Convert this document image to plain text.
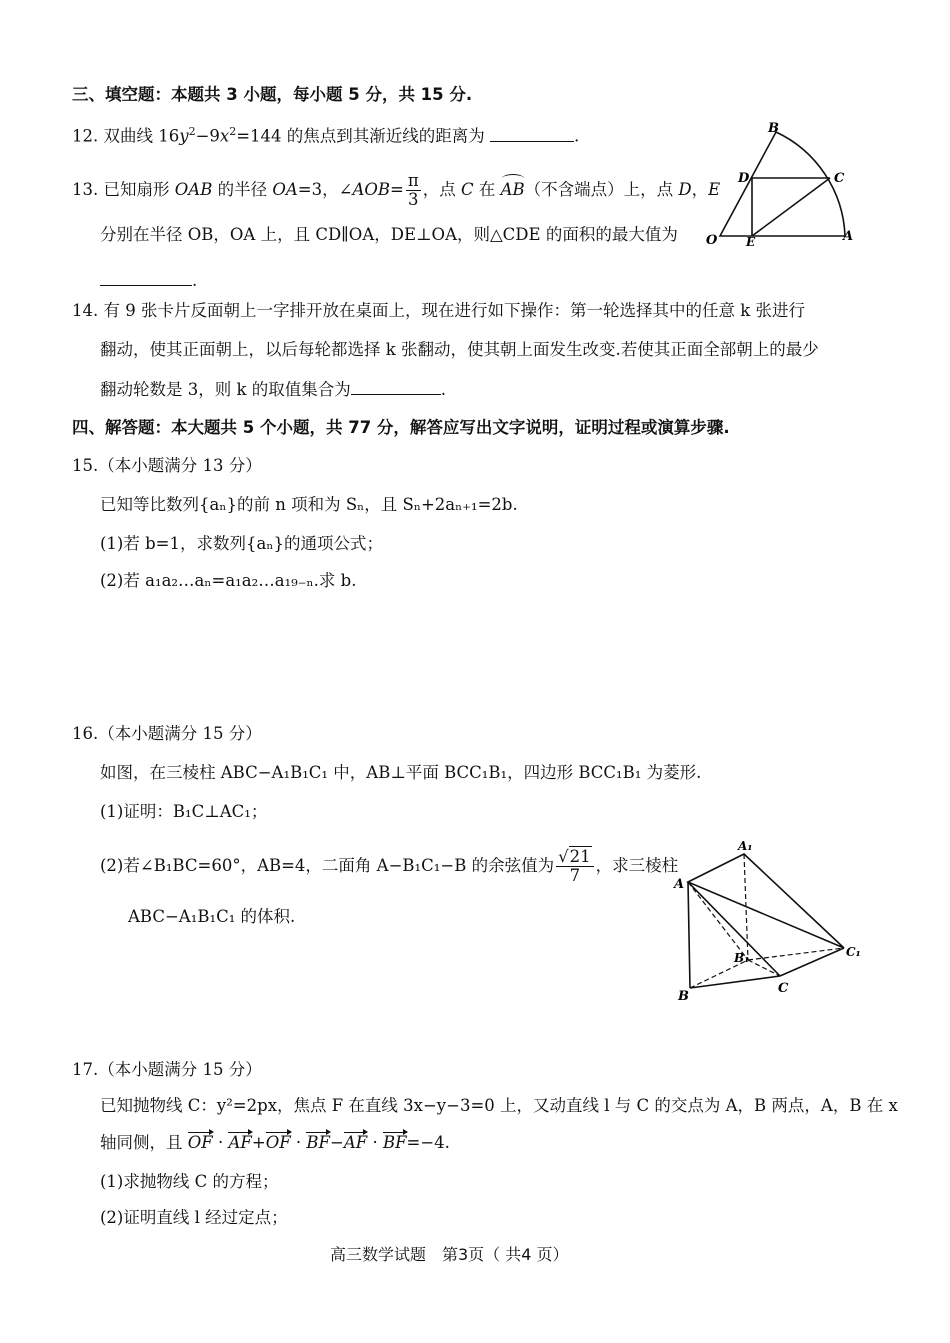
三、填空题：本题共 3 小题，每小题 5 分，共 15 分.
12. 双曲线 $16y^2-9x^2=144$ 的焦点到其渐近线的距离为	.
13. 已知扇形 OAB 的半径 OA=3，∠AOB= $\frac{\pi}{3}$ ，点 C 在 AB（不含端点）上，点 D，E
分别在半径 OB，OA 上，且 CD∥OA，DE⊥OA，则△CDE 的面积的最大值为
.
B
C
D
O E	A
14. 有 9 张卡片反面朝上一字排开放在桌面上，现在进行如下操作：第一轮选择其中的任意 k 张进行
翻动，使其正面朝上，以后每轮都选择 k 张翻动，使其朝上面发生改变.若使其正面全部朝上的最少
翻动轮数是 3，则 k 的取值集合为	.
四、解答题：本大题共 5 个小题，共 77 分，解答应写出文字说明，证明过程或演算步骤.
15.（本小题满分 13 分）
已知等比数列{aₙ}的前 n 项和为 Sₙ，且 Sₙ+2aₙ₊₁=2b.
(1)若 b=1，求数列{aₙ}的通项公式；
(2)若 a₁a₂…aₙ=a₁a₂…a₁₉₋ₙ.求 b.
16.（本小题满分 15 分）
如图，在三棱柱 ABC−A₁B₁C₁ 中，AB⊥平面 BCC₁B₁，四边形 BCC₁B₁ 为菱形.
(1)证明：B₁C⊥AC₁；
(2)若∠B₁BC=60°，AB=4，二面角 A−B₁C₁−B 的余弦值为 $\frac{√21}{7}$ ，求三棱柱
ABC−A₁B₁C₁ 的体积.
A₁
A
C₁
B₁
B
C
17.（本小题满分 15 分）
已知抛物线 C：y²=2px，焦点 F 在直线 3x−y−3=0 上，又动直线 l 与 C 的交点为 A，B 两点，A，B 在 x
轴同侧，且 OF · AF+OF · BF−AF · BF=−4.
(1)求抛物线 C 的方程；
(2)证明直线 l 经过定点；
高三数学试题　第3页（ 共4 页）
